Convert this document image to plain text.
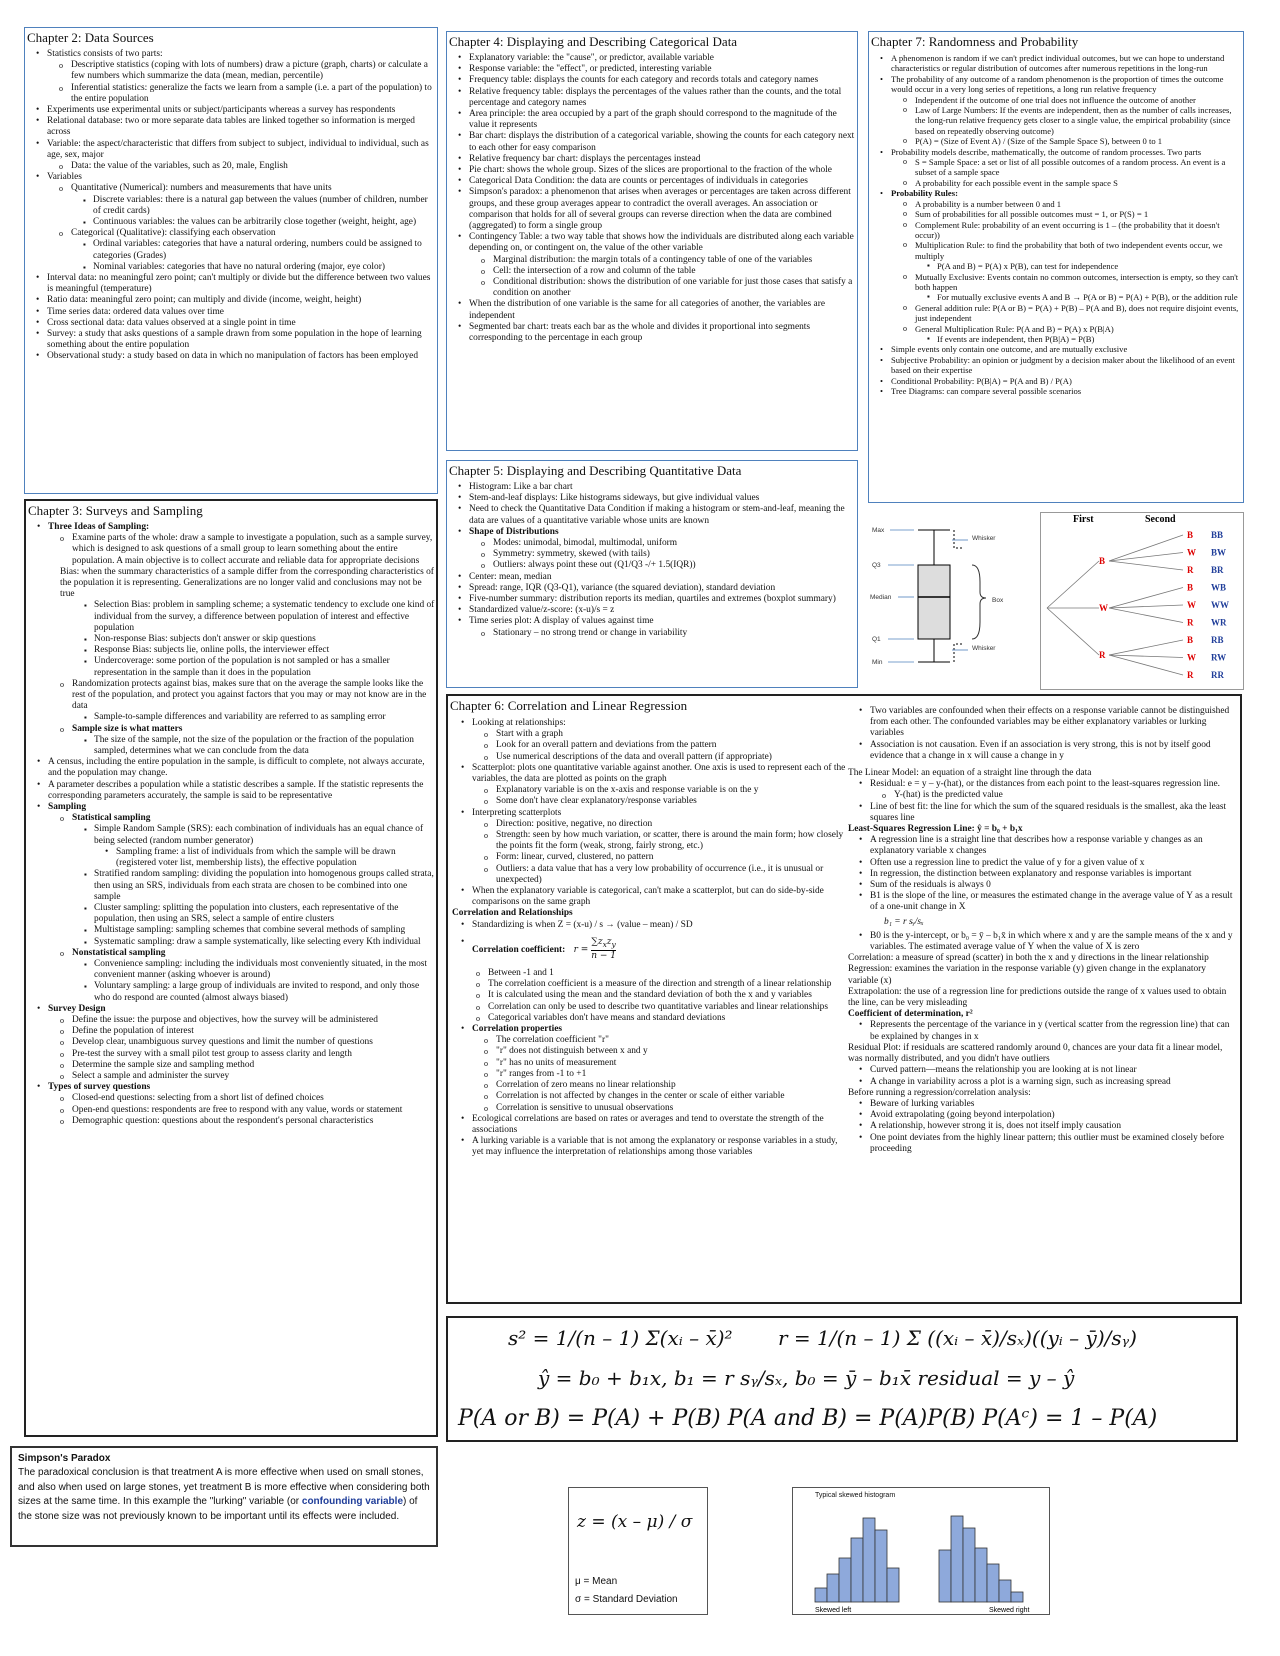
Chapter 2: Data Sources
• Statistics consists of two parts:
o Descriptive statistics (coping with lots of numbers) draw a picture (graph, charts) or calculate a few numbers which summarize the data (mean, median, percentile)
o Inferential statistics: generalize the facts we learn from a sample (i.e. a part of the population) to the entire population
• Experiments use experimental units or subject/participants whereas a survey has respondents
• Relational database: two or more separate data tables are linked together so information is merged across
• Variable: the aspect/characteristic that differs from subject to subject, individual to individual, such as age, sex, major
o Data: the value of the variables, such as 20, male, English
• Variables
o Quantitative (Numerical): numbers and measurements that have units
▪ Discrete variables: there is a natural gap between the values (number of children, number of credit cards)
▪ Continuous variables: the values can be arbitrarily close together (weight, height, age)
o Categorical (Qualitative): classifying each observation
▪ Ordinal variables: categories that have a natural ordering, numbers could be assigned to categories (Grades)
▪ Nominal variables: categories that have no natural ordering (major, eye color)
• Interval data: no meaningful zero point; can't multiply or divide but the difference between two values is meaningful (temperature)
• Ratio data: meaningful zero point; can multiply and divide (income, weight, height)
• Time series data: ordered data values over time
• Cross sectional data: data values observed at a single point in time
• Survey: a study that asks questions of a sample drawn from some population in the hope of learning something about the entire population
• Observational study: a study based on data in which no manipulation of factors has been employed
Chapter 3: Surveys and Sampling
• Three Ideas of Sampling:
o Examine parts of the whole: draw a sample to investigate a population, such as a sample survey, which is designed to ask questions of a small group to learn something about the entire population. A main objective is to collect accurate and reliable data for appropriate decisions
Bias: when the summary characteristics of a sample differ from the corresponding characteristics of the population it is representing. Generalizations are no longer valid and conclusions may not be true
▪ Selection Bias: problem in sampling scheme; a systematic tendency to exclude one kind of individual from the survey, a difference between population of interest and effective population
▪ Non-response Bias: subjects don't answer or skip questions
▪ Response Bias: subjects lie, online polls, the interviewer effect
▪ Undercoverage: some portion of the population is not sampled or has a smaller representation in the sample than it does in the population
o Randomization protects against bias, makes sure that on the average the sample looks like the rest of the population, and protect you against factors that you may or may not know are in the data
▪ Sample-to-sample differences and variability are referred to as sampling error
o Sample size is what matters
▪ The size of the sample, not the size of the population or the fraction of the population sampled, determines what we can conclude from the data
• A census, including the entire population in the sample, is difficult to complete, not always accurate, and the population may change.
• A parameter describes a population while a statistic describes a sample. If the statistic represents the corresponding parameters accurately, the sample is said to be representative
• Sampling
o Statistical sampling
▪ Simple Random Sample (SRS): each combination of individuals has an equal chance of being selected (random number generator)
• Sampling frame: a list of individuals from which the sample will be drawn (registered voter list, membership lists), the effective population
▪ Stratified random sampling: dividing the population into homogenous groups called strata, then using an SRS, individuals from each strata are chosen to be combined into one sample
▪ Cluster sampling: splitting the population into clusters, each representative of the population, then using an SRS, select a sample of entire clusters
▪ Multistage sampling: sampling schemes that combine several methods of sampling
▪ Systematic sampling: draw a sample systematically, like selecting every Kth individual
o Nonstatistical sampling
▪ Convenience sampling: including the individuals most conveniently situated, in the most convenient manner (asking whoever is around)
▪ Voluntary sampling: a large group of individuals are invited to respond, and only those who do respond are counted (almost always biased)
• Survey Design
o Define the issue: the purpose and objectives, how the survey will be administered
o Define the population of interest
o Develop clear, unambiguous survey questions and limit the number of questions
o Pre-test the survey with a small pilot test group to assess clarity and length
o Determine the sample size and sampling method
o Select a sample and administer the survey
• Types of survey questions
o Closed-end questions: selecting from a short list of defined choices
o Open-end questions: respondents are free to respond with any value, words or statement
o Demographic question: questions about the respondent's personal characteristics
Simpson's Paradox
The paradoxical conclusion is that treatment A is more effective when used on small stones, and also when used on large stones, yet treatment B is more effective when considering both sizes at the same time. In this example the "lurking" variable (or confounding variable) of the stone size was not previously known to be important until its effects were included.
Chapter 4: Displaying and Describing Categorical Data
• Explanatory variable: the "cause", or predictor, available variable
• Response variable: the "effect", or predicted, interesting variable
• Frequency table: displays the counts for each category and records totals and category names
• Relative frequency table: displays the percentages of the values rather than the counts, and the total percentage and category names
• Area principle: the area occupied by a part of the graph should correspond to the magnitude of the value it represents
• Bar chart: displays the distribution of a categorical variable, showing the counts for each category next to each other for easy comparison
• Relative frequency bar chart: displays the percentages instead
• Pie chart: shows the whole group. Sizes of the slices are proportional to the fraction of the whole
• Categorical Data Condition: the data are counts or percentages of individuals in categories
• Simpson's paradox: a phenomenon that arises when averages or percentages are taken across different groups, and these group averages appear to contradict the overall averages. An association or comparison that holds for all of several groups can reverse direction when the data are combined (aggregated) to form a single group
• Contingency Table: a two way table that shows how the individuals are distributed along each variable depending on, or contingent on, the value of the other variable
o Marginal distribution: the margin totals of a contingency table of one of the variables
o Cell: the intersection of a row and column of the table
o Conditional distribution: shows the distribution of one variable for just those cases that satisfy a condition on another
• When the distribution of one variable is the same for all categories of another, the variables are independent
• Segmented bar chart: treats each bar as the whole and divides it proportional into segments corresponding to the percentage in each group
Chapter 5: Displaying and Describing Quantitative Data
• Histogram: Like a bar chart
• Stem-and-leaf displays: Like histograms sideways, but give individual values
• Need to check the Quantitative Data Condition if making a histogram or stem-and-leaf, meaning the data are values of a quantitative variable whose units are known
• Shape of Distributions
o Modes: unimodal, bimodal, multimodal, uniform
o Symmetry: symmetry, skewed (with tails)
o Outliers: always point these out (Q1/Q3 -/+ 1.5(IQR))
• Center: mean, median
• Spread: range, IQR (Q3-Q1), variance (the squared deviation), standard deviation
• Five-number summary: distribution reports its median, quartiles and extremes (boxplot summary)
• Standardized value/z-score: (x-u)/s = z
• Time series plot: A display of values against time
o Stationary – no strong trend or change in variability
Chapter 7: Randomness and Probability
• A phenomenon is random if we can't predict individual outcomes, but we can hope to understand characteristics or regular distribution of outcomes after numerous repetitions in the long-run
• The probability of any outcome of a random phenomenon is the proportion of times the outcome would occur in a very long series of repetitions, a long run relative frequency
o Independent if the outcome of one trial does not influence the outcome of another
o Law of Large Numbers: If the events are independent, then as the number of calls increases, the long-run relative frequency gets closer to a single value, the empirical probability (since based on repeatedly observing outcome)
o P(A) = (Size of Event A) / (Size of the Sample Space S), between 0 to 1
• Probability models describe, mathematically, the outcome of random processes. Two parts
o S = Sample Space: a set or list of all possible outcomes of a random process. An event is a subset of a sample space
o A probability for each possible event in the sample space S
• Probability Rules:
o A probability is a number between 0 and 1
o Sum of probabilities for all possible outcomes must = 1, or P(S) = 1
o Complement Rule: probability of an event occurring is 1 – (the probability that it doesn't occur))
o Multiplication Rule: to find the probability that both of two independent events occur, we multiply
▪ P(A and B) = P(A) x P(B), can test for independence
o Mutually Exclusive: Events contain no common outcomes, intersection is empty, so they can't both happen
▪ For mutually exclusive events A and B → P(A or B) = P(A) + P(B), or the addition rule
o General addition rule: P(A or B) = P(A) + P(B) – P(A and B), does not require disjoint events, just independent
o General Multiplication Rule: P(A and B) = P(A) x P(B|A)
▪ If events are independent, then P(B|A) = P(B)
• Simple events only contain one outcome, and are mutually exclusive
• Subjective Probability: an opinion or judgment by a decision maker about the likelihood of an event based on their expertise
• Conditional Probability: P(B|A) = P(A and B) / P(A)
• Tree Diagrams: can compare several possible scenarios
Max
Q3
Median
Q1
Min
Whisker
Whisker
Box
First	Second
B
B BB
W BW
R BR
W
B WB
W WW
R WR
R
B RB
W RW
R RR
Chapter 6: Correlation and Linear Regression
• Looking at relationships:
o Start with a graph
o Look for an overall pattern and deviations from the pattern
o Use numerical descriptions of the data and overall pattern (if appropriate)
• Scatterplot: plots one quantitative variable against another. One axis is used to represent each of the variables, the data are plotted as points on the graph
o Explanatory variable is on the x-axis and response variable is on the y
o Some don't have clear explanatory/response variables
• Interpreting scatterplots
o Direction: positive, negative, no direction
o Strength: seen by how much variation, or scatter, there is around the main form; how closely the points fit the form (weak, strong, fairly strong, etc.)
o Form: linear, curved, clustered, no pattern
o Outliers: a data value that has a very low probability of occurrence (i.e., it is unusual or unexpected)
• When the explanatory variable is categorical, can't make a scatterplot, but can do side-by-side comparisons on the same graph
Correlation and Relationships
• Standardizing is when Z = (x-u) / s → (value – mean) / SD
• Correlation coefficient: r =
$\sum z_xz_y$
n − 1
o Between -1 and 1
o The correlation coefficient is a measure of the direction and strength of a linear relationship
o It is calculated using the mean and the standard deviation of both the x and y variables
o Correlation can only be used to describe two quantitative variables and linear relationships
o Categorical variables don't have means and standard deviations
• Correlation properties
o The correlation coefficient "r"
o "r" does not distinguish between x and y
o "r" has no units of measurement
o "r" ranges from -1 to +1
o Correlation of zero means no linear relationship
o Correlation is not affected by changes in the center or scale of either variable
o Correlation is sensitive to unusual observations
• Ecological correlations are based on rates or averages and tend to overstate the strength of the associations
• A lurking variable is a variable that is not among the explanatory or response variables in a study, yet may influence the interpretation of relationships among those variables
• Two variables are confounded when their effects on a response variable cannot be distinguished from each other. The confounded variables may be either explanatory variables or lurking variables
• Association is not causation. Even if an association is very strong, this is not by itself good evidence that a change in x will cause a change in y
The Linear Model: an equation of a straight line through the data
• Residual: e = y – y-(hat), or the distances from each point to the least-squares regression line.
o Y-(hat) is the predicted value
• Line of best fit: the line for which the sum of the squared residuals is the smallest, aka the least squares line
Least-Squares Regression Line: ŷ = b₀ + b₁x
• A regression line is a straight line that describes how a response variable y changes as an explanatory variable x changes
• Often use a regression line to predict the value of y for a given value of x
• In regression, the distinction between explanatory and response variables is important
• Sum of the residuals is always 0
• B1 is the slope of the line, or measures the estimated change in the average value of Y as a result of a one-unit change in X
b₁ = r sᵧ/sₓ
• B0 is the y-intercept, or b₀ = ȳ – b₁x̄ in which where x and y are the sample means of the x and y variables. The estimated average value of Y when the value of X is zero
Correlation: a measure of spread (scatter) in both the x and y directions in the linear relationship
Regression: examines the variation in the response variable (y) given change in the explanatory variable (x)
Extrapolation: the use of a regression line for predictions outside the range of x values used to obtain the line, can be very misleading
Coefficient of determination, r²
• Represents the percentage of the variance in y (vertical scatter from the regression line) that can be explained by changes in x
Residual Plot: if residuals are scattered randomly around 0, chances are your data fit a linear model, was normally distributed, and you didn't have outliers
• Curved pattern—means the relationship you are looking at is not linear
• A change in variability across a plot is a warning sign, such as increasing spread
Before running a regression/correlation analysis:
• Beware of lurking variables
• Avoid extrapolating (going beyond interpolation)
• A relationship, however strong it is, does not itself imply causation
• One point deviates from the highly linear pattern; this outlier must be examined closely before proceeding
s² = 1/(n – 1) Σ(xᵢ – x̄)² r = 1/(n – 1) Σ ((xᵢ – x̄)/sₓ)((yᵢ – ȳ)/sᵧ)
ŷ = b₀ + b₁x, b₁ = r sᵧ/sₓ, b₀ = ȳ – b₁x̄ residual = y – ŷ
P(A or B) = P(A) + P(B) P(A and B) = P(A)P(B) P(Aᶜ) = 1 – P(A)
z = (x – μ) / σ
μ = Mean
σ = Standard Deviation
Typical skewed histogram
Skewed left	Skewed right
